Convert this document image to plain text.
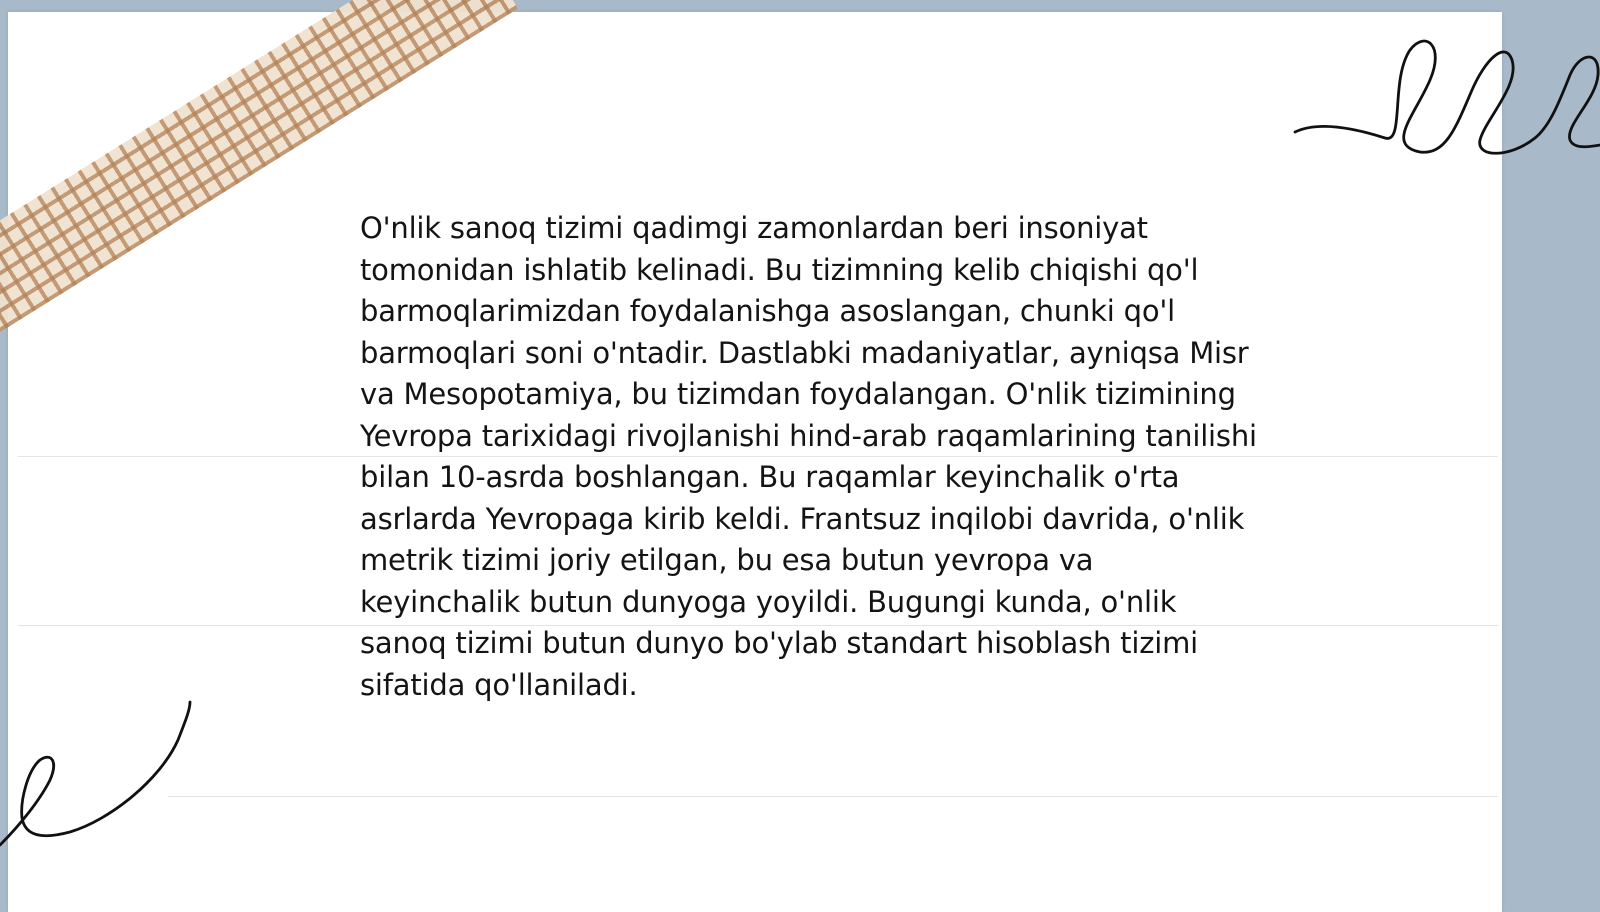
O'nlik sanoq tizimi qadimgi zamonlardan beri insoniyat tomonidan ishlatib kelinadi. Bu tizimning kelib chiqishi qo'l barmoqlarimizdan foydalanishga asoslangan, chunki qo'l barmoqlari soni o'ntadir. Dastlabki madaniyatlar, ayniqsa Misr va Mesopotamiya, bu tizimdan foydalangan. O'nlik tizimining Yevropa tarixidagi rivojlanishi hind-arab raqamlarining tanilishi bilan 10-asrda boshlangan. Bu raqamlar keyinchalik o'rta asrlarda Yevropaga kirib keldi. Frantsuz inqilobi davrida, o'nlik metrik tizimi joriy etilgan, bu esa butun yevropa va keyinchalik butun dunyoga yoyildi. Bugungi kunda, o'nlik sanoq tizimi butun dunyo bo'ylab standart hisoblash tizimi sifatida qo'llaniladi.
